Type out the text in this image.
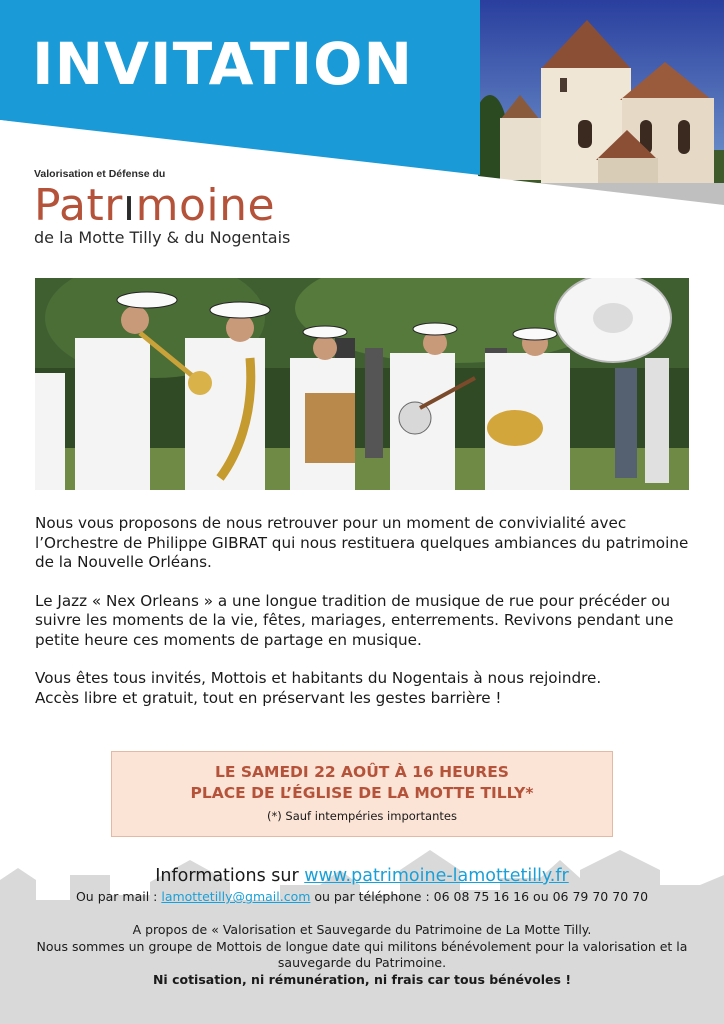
INVITATION
Valorisation et Défense du
Patrımoine
de la Motte Tilly & du Nogentais

Nous vous proposons de nous retrouver pour un moment de convivialité avec l’Orchestre de Philippe GIBRAT qui nous restituera quelques ambiances du patrimoine de la Nouvelle Orléans.

Le Jazz « Nex Orleans » a une longue tradition de musique de rue pour précéder ou suivre les moments de la vie, fêtes, mariages, enterrements. Revivons pendant une petite heure ces moments de partage en musique.

Vous êtes tous invités, Mottois et habitants du Nogentais à nous rejoindre.
Accès libre et gratuit, tout en préservant les gestes barrière !

LE SAMEDI 22 AOÛT À 16 HEURES
PLACE DE L’ÉGLISE DE LA MOTTE TILLY*
(*) Sauf intempéries importantes
Informations sur www.patrimoine-lamottetilly.fr
Ou par mail : lamottetilly@gmail.com ou par téléphone : 06 08 75 16 16 ou 06 79 70 70 70
A propos de « Valorisation et Sauvegarde du Patrimoine de La Motte Tilly.
Nous sommes un groupe de Mottois de longue date qui militons bénévolement pour la valorisation et la sauvegarde du Patrimoine.
Ni cotisation, ni rémunération, ni frais car tous bénévoles !
